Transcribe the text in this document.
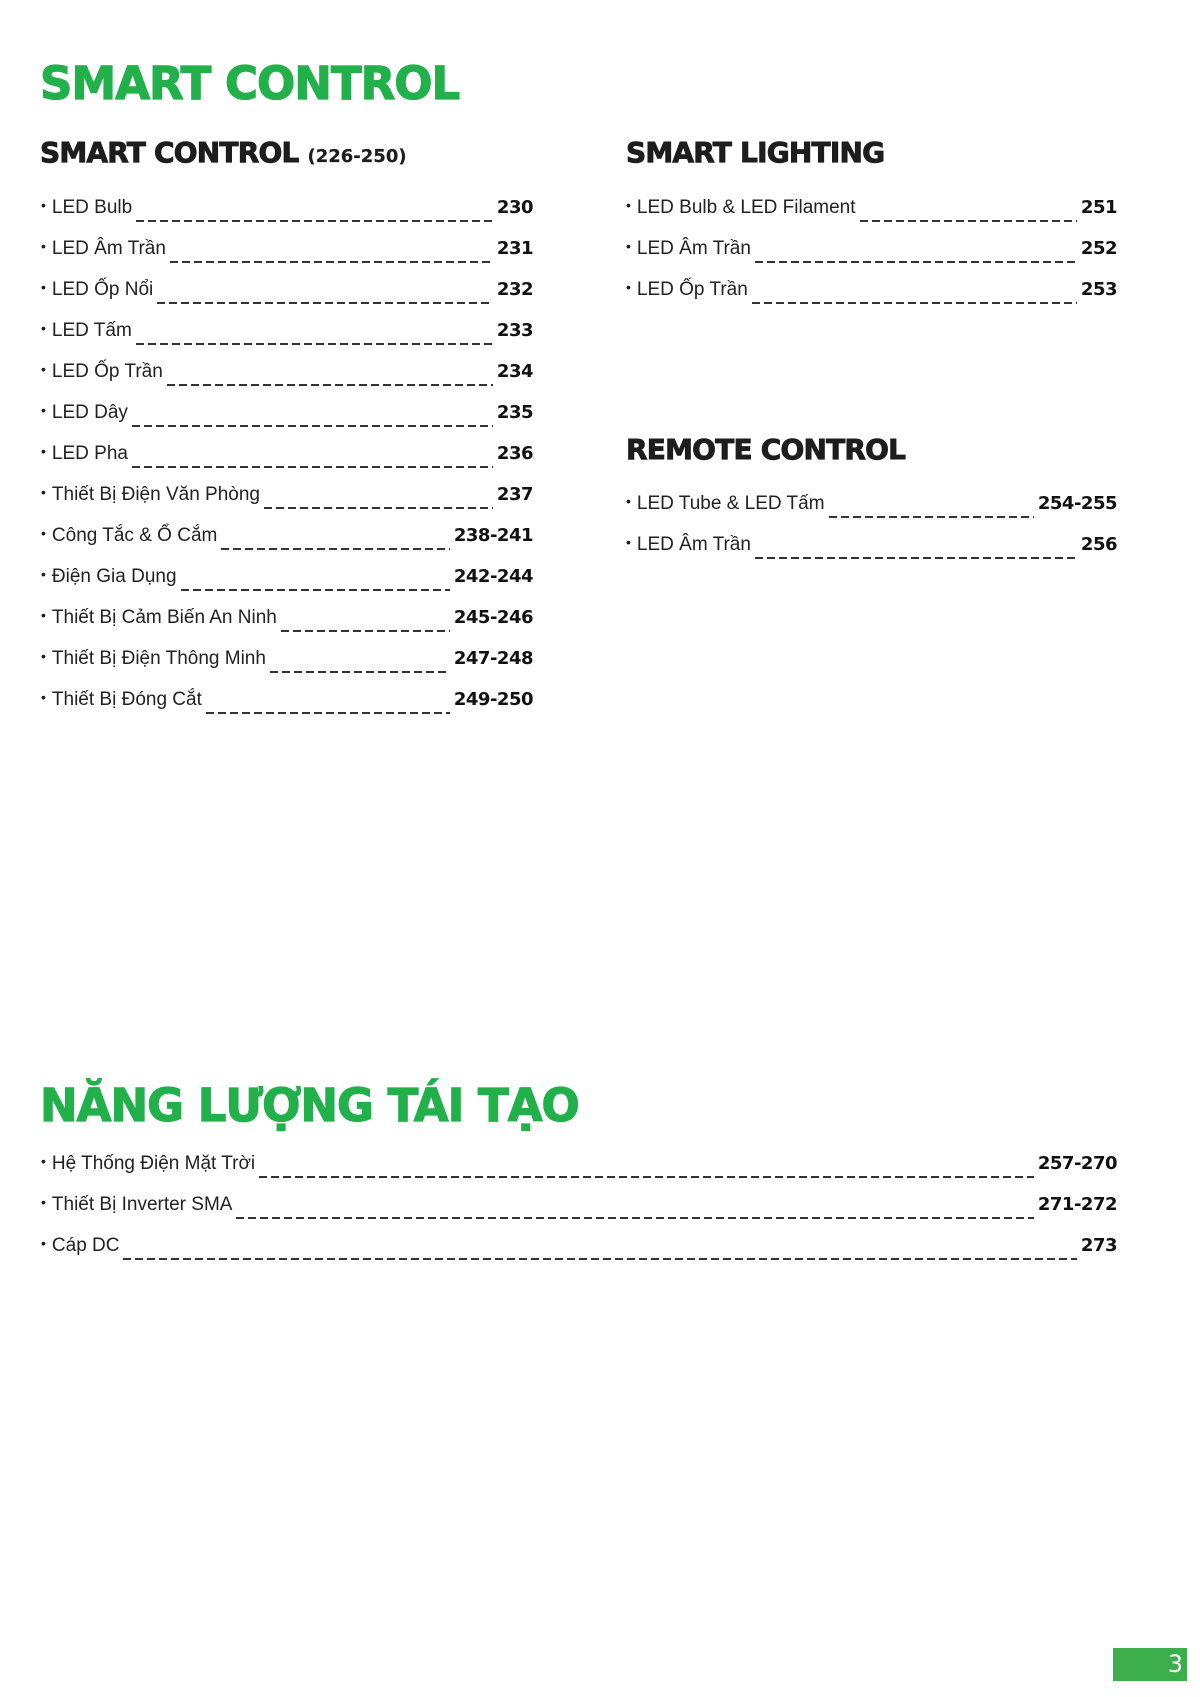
SMART CONTROL
SMART CONTROL (226-250)
• LED Bulb	230
• LED Âm Trần	231
• LED Ốp Nổi	232
• LED Tấm	233
• LED Ốp Trần	234
• LED Dây	235
• LED Pha	236
• Thiết Bị Điện Văn Phòng	237
• Công Tắc & Ổ Cắm	238-241
• Điện Gia Dụng	242-244
• Thiết Bị Cảm Biến An Ninh	245-246
• Thiết Bị Điện Thông Minh	247-248
• Thiết Bị Đóng Cắt	249-250
SMART LIGHTING
• LED Bulb & LED Filament	251
• LED Âm Trần	252
• LED Ốp Trần	253
REMOTE CONTROL
• LED Tube & LED Tấm	254-255
• LED Âm Trần	256
NĂNG LƯỢNG TÁI TẠO
• Hệ Thống Điện Mặt Trời	257-270
• Thiết Bị Inverter SMA	271-272
• Cáp DC	273
3
